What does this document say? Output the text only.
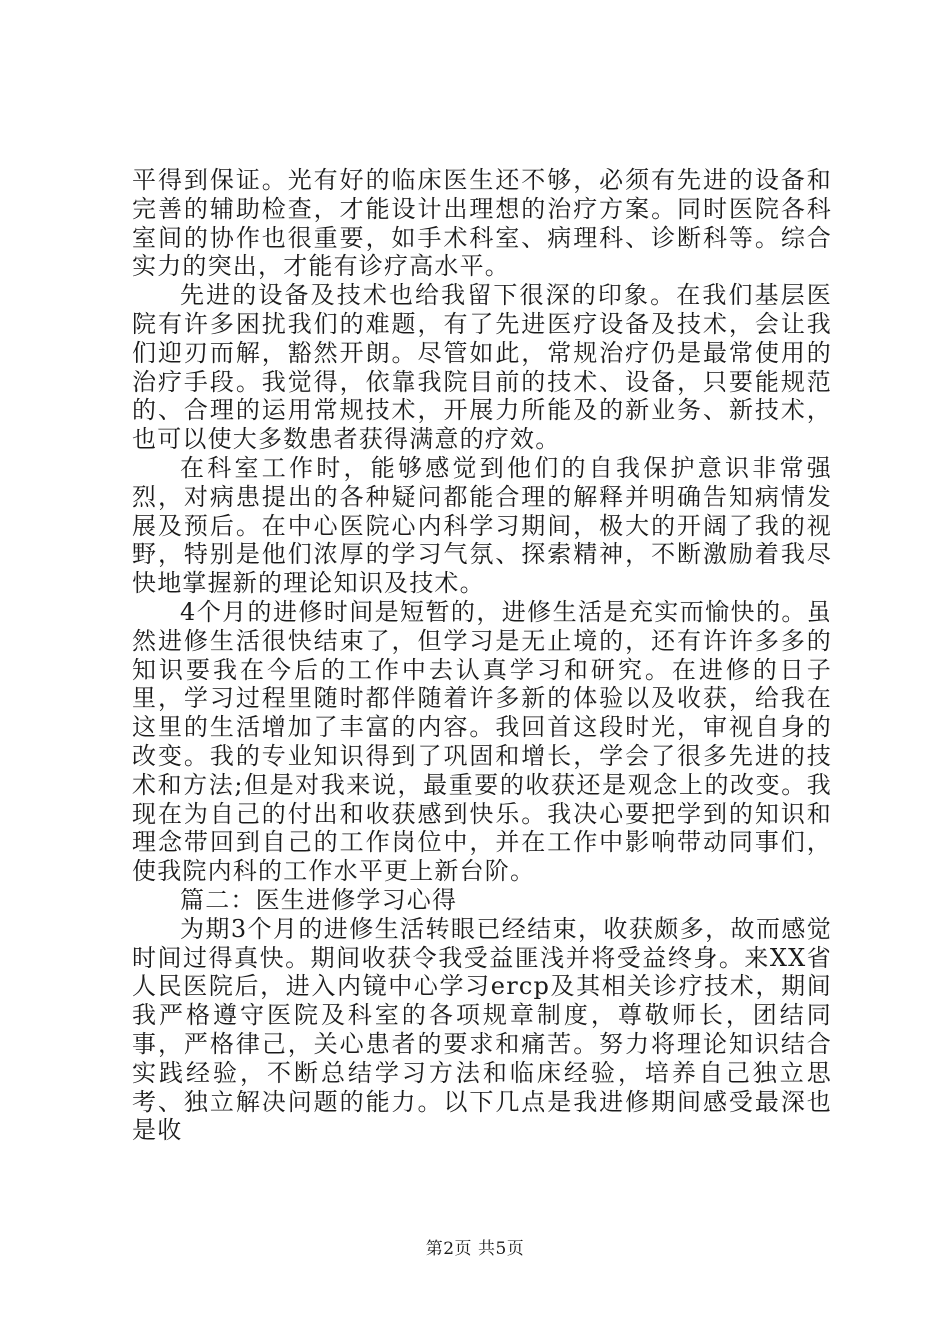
平得到保证。光有好的临床医生还不够，必须有先进的设备和完善的辅助检查，才能设计出理想的治疗方案。同时医院各科室间的协作也很重要，如手术科室、病理科、诊断科等。综合实力的突出，才能有诊疗高水平。

先进的设备及技术也给我留下很深的印象。在我们基层医院有许多困扰我们的难题，有了先进医疗设备及技术，会让我们迎刃而解，豁然开朗。尽管如此，常规治疗仍是最常使用的治疗手段。我觉得，依靠我院目前的技术、设备，只要能规范的、合理的运用常规技术，开展力所能及的新业务、新技术，也可以使大多数患者获得满意的疗效。

在科室工作时，能够感觉到他们的自我保护意识非常强烈，对病患提出的各种疑问都能合理的解释并明确告知病情发展及预后。在中心医院心内科学习期间，极大的开阔了我的视野，特别是他们浓厚的学习气氛、探索精神，不断激励着我尽快地掌握新的理论知识及技术。

4个月的进修时间是短暂的，进修生活是充实而愉快的。虽然进修生活很快结束了，但学习是无止境的，还有许许多多的知识要我在今后的工作中去认真学习和研究。在进修的日子里，学习过程里随时都伴随着许多新的体验以及收获，给我在这里的生活增加了丰富的内容。我回首这段时光，审视自身的改变。我的专业知识得到了巩固和增长，学会了很多先进的技术和方法;但是对我来说，最重要的收获还是观念上的改变。我现在为自己的付出和收获感到快乐。我决心要把学到的知识和理念带回到自己的工作岗位中，并在工作中影响带动同事们，使我院内科的工作水平更上新台阶。

篇二：医生进修学习心得

为期3个月的进修生活转眼已经结束，收获颇多，故而感觉时间过得真快。期间收获令我受益匪浅并将受益终身。来XX省人民医院后，进入内镜中心学习ercp及其相关诊疗技术，期间我严格遵守医院及科室的各项规章制度，尊敬师长，团结同事，严格律己，关心患者的要求和痛苦。努力将理论知识结合实践经验，不断总结学习方法和临床经验，培养自己独立思考、独立解决问题的能力。以下几点是我进修期间感受最深也是收

第2页 共5页
